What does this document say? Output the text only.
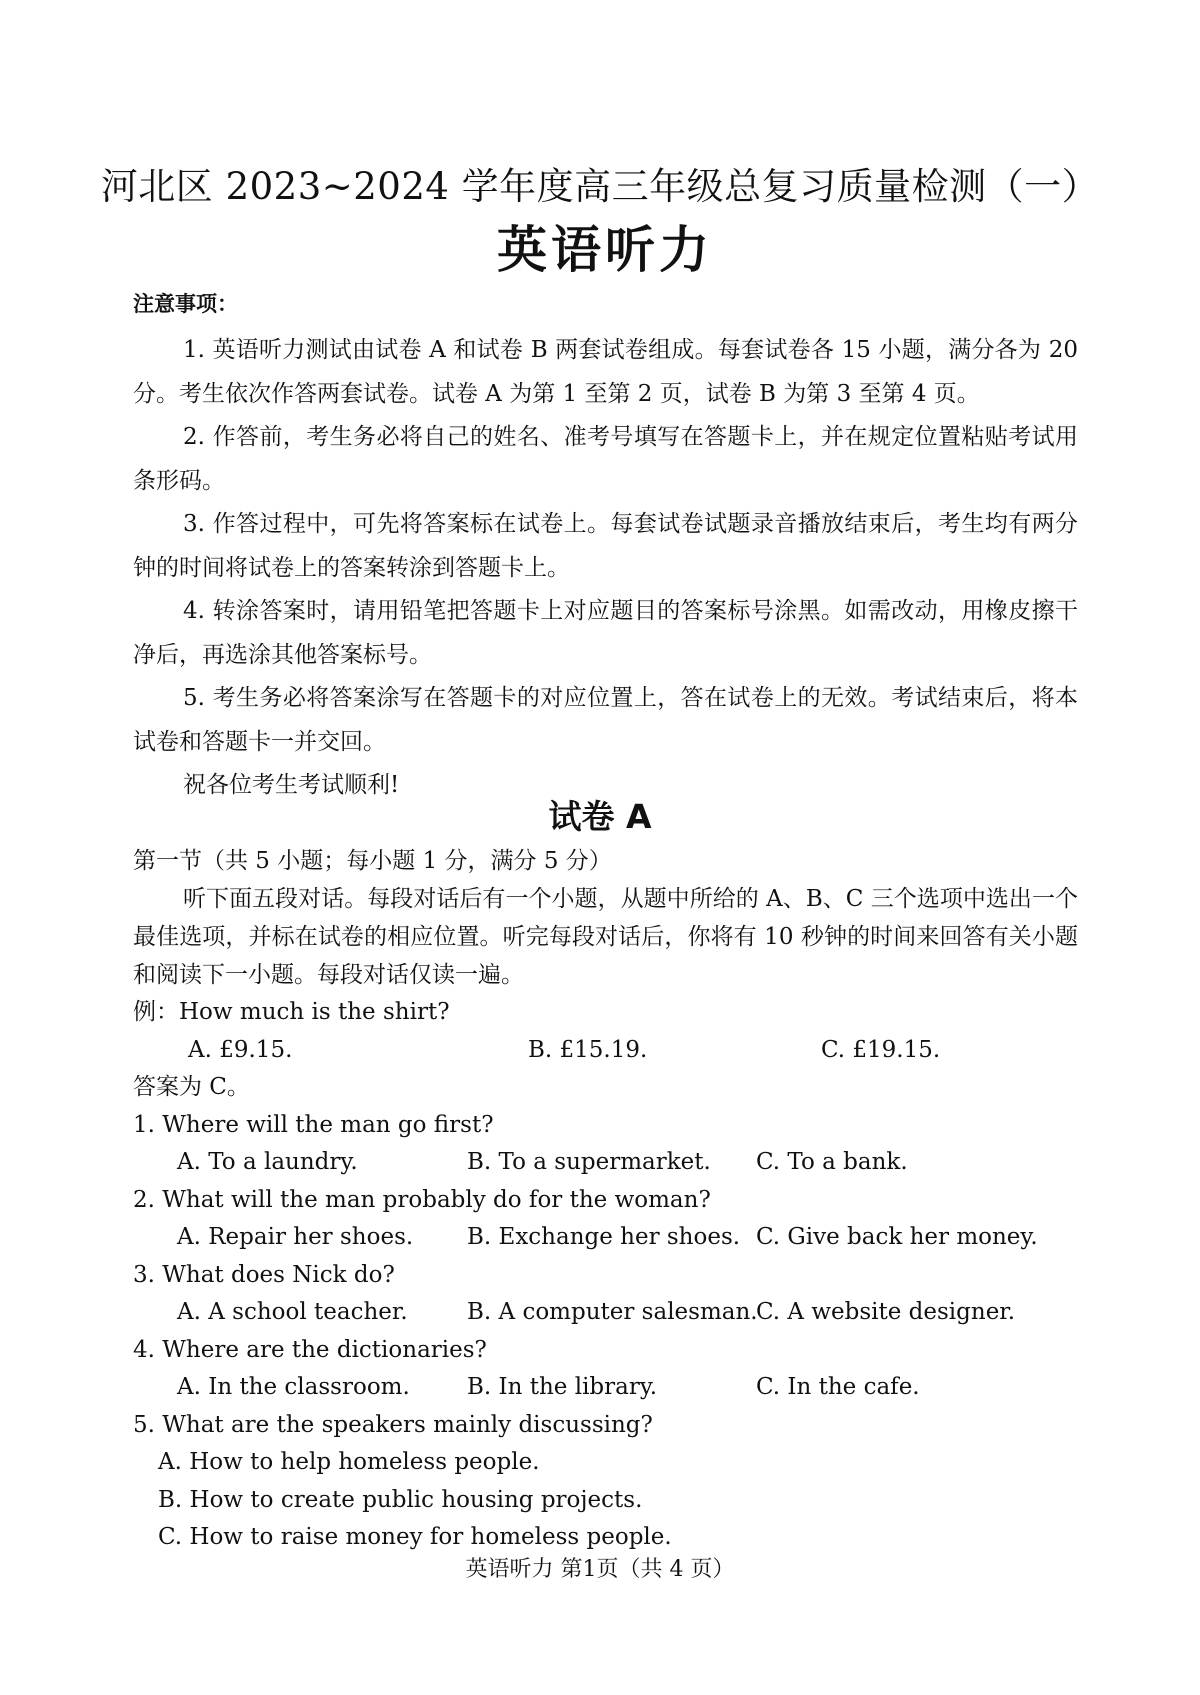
河北区 2023~2024 学年度高三年级总复习质量检测（一）
英语听力
注意事项：

1. 英语听力测试由试卷 A 和试卷 B 两套试卷组成。每套试卷各 15 小题，满分各为 20 分。考生依次作答两套试卷。试卷 A 为第 1 至第 2 页，试卷 B 为第 3 至第 4 页。

2. 作答前，考生务必将自己的姓名、准考号填写在答题卡上，并在规定位置粘贴考试用条形码。

3. 作答过程中，可先将答案标在试卷上。每套试卷试题录音播放结束后，考生均有两分钟的时间将试卷上的答案转涂到答题卡上。

4. 转涂答案时，请用铅笔把答题卡上对应题目的答案标号涂黑。如需改动，用橡皮擦干净后，再选涂其他答案标号。

5. 考生务必将答案涂写在答题卡的对应位置上，答在试卷上的无效。考试结束后，将本试卷和答题卡一并交回。

祝各位考生考试顺利!

试卷 A

第一节（共 5 小题；每小题 1 分，满分 5 分）

听下面五段对话。每段对话后有一个小题，从题中所给的 A、B、C 三个选项中选出一个最佳选项，并标在试卷的相应位置。听完每段对话后，你将有 10 秒钟的时间来回答有关小题和阅读下一小题。每段对话仅读一遍。

例：How much is the shirt?

A. £9.15.	B. £15.19.	C. £19.15.

答案为 C。

1. Where will the man go first?

A. To a laundry.	B. To a supermarket. C. To a bank.

2. What will the man probably do for the woman?

A. Repair her shoes. B. Exchange her shoes. C. Give back her money.

3. What does Nick do?

A. A school teacher.	B. A computer salesman.
C. A website designer.

4. Where are the dictionaries?

A. In the classroom. B. In the library.	C. In the cafe.

5. What are the speakers mainly discussing?

A. How to help homeless people.
B. How to create public housing projects.
C. How to raise money for homeless people.
英语听力 第1页（共 4 页）
